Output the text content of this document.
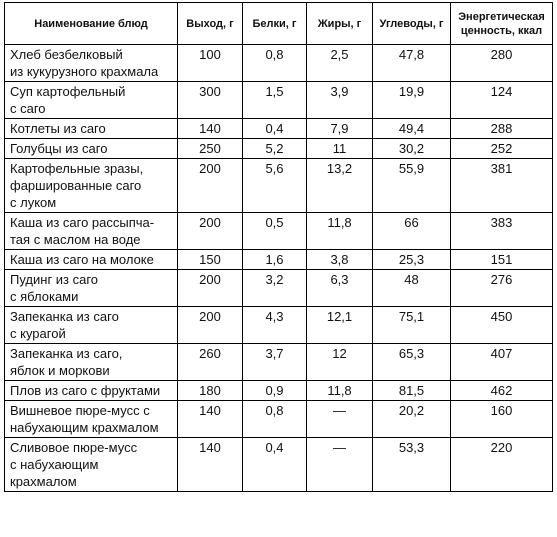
Наименование блюд	Выход, г	Белки, г	Жиры, г	Углеводы, г	Энергетическая ценность, ккал
Хлеб безбелковый
из кукурузного крахмала	100	0,8	2,5	47,8	280
Суп картофельный
с саго	300	1,5	3,9	19,9	124
Котлеты из саго	140	0,4	7,9	49,4	288
Голубцы из саго	250	5,2	11	30,2	252
Картофельные зразы,
фаршированные саго
с луком	200	5,6	13,2	55,9	381
Каша из саго рассыпча-
тая с маслом на воде	200	0,5	11,8	66	383
Каша из саго на молоке	150	1,6	3,8	25,3	151
Пудинг из саго
с яблоками	200	3,2	6,3	48	276
Запеканка из саго
с курагой	200	4,3	12,1	75,1	450
Запеканка из саго,
яблок и моркови	260	3,7	12	65,3	407
Плов из саго с фруктами	180	0,9	11,8	81,5	462
Вишневое пюре-мусс с
набухающим крахмалом	140	0,8	—	20,2	160
Сливовое пюре-мусс
с набухающим
крахмалом	140	0,4	—	53,3	220
